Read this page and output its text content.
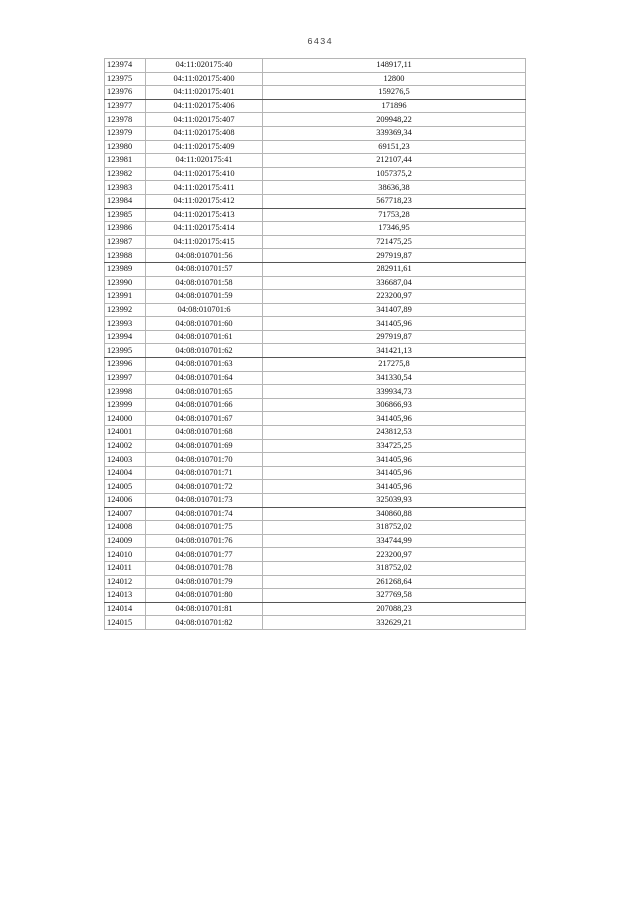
6434
123974	04:11:020175:40	148917,11
123975	04:11:020175:400	12800
123976	04:11:020175:401	159276,5
123977	04:11:020175:406	171896
123978	04:11:020175:407	209948,22
123979	04:11:020175:408	339369,34
123980	04:11:020175:409	69151,23
123981	04:11:020175:41	212107,44
123982	04:11:020175:410	1057375,2
123983	04:11:020175:411	38636,38
123984	04:11:020175:412	567718,23
123985	04:11:020175:413	71753,28
123986	04:11:020175:414	17346,95
123987	04:11:020175:415	721475,25
123988	04:08:010701:56	297919,87
123989	04:08:010701:57	282911,61
123990	04:08:010701:58	336687,04
123991	04:08:010701:59	223200,97
123992	04:08:010701:6	341407,89
123993	04:08:010701:60	341405,96
123994	04:08:010701:61	297919,87
123995	04:08:010701:62	341421,13
123996	04:08:010701:63	217275,8
123997	04:08:010701:64	341330,54
123998	04:08:010701:65	339934,73
123999	04:08:010701:66	306866,93
124000	04:08:010701:67	341405,96
124001	04:08:010701:68	243812,53
124002	04:08:010701:69	334725,25
124003	04:08:010701:70	341405,96
124004	04:08:010701:71	341405,96
124005	04:08:010701:72	341405,96
124006	04:08:010701:73	325039,93
124007	04:08:010701:74	340860,88
124008	04:08:010701:75	318752,02
124009	04:08:010701:76	334744,99
124010	04:08:010701:77	223200,97
124011	04:08:010701:78	318752,02
124012	04:08:010701:79	261268,64
124013	04:08:010701:80	327769,58
124014	04:08:010701:81	207088,23
124015	04:08:010701:82	332629,21
